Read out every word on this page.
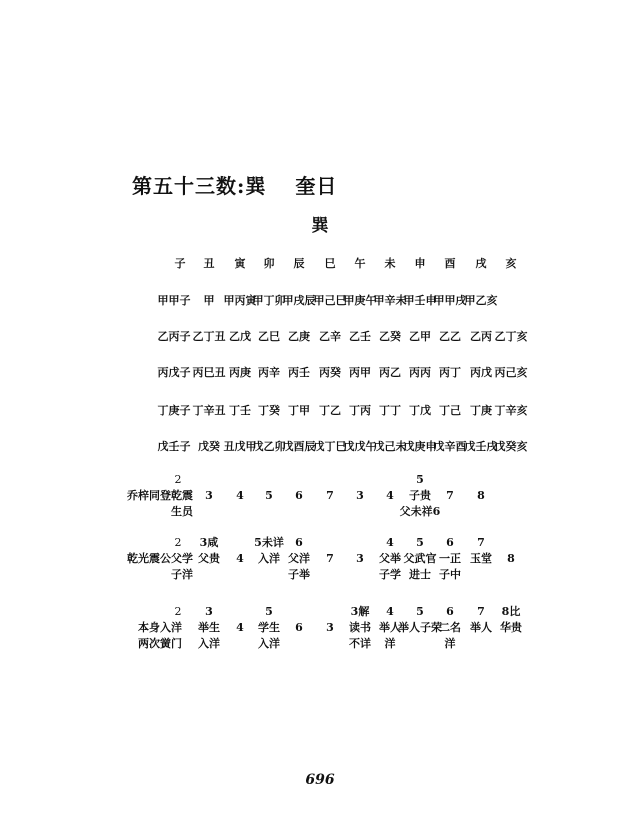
第五十三数:巽 　奎日
巽
子 丑 寅 卯 辰 巳 午 未 申 酉 戌 亥
甲甲子 甲 甲丙寅
甲丁卯
甲戌辰
甲己巳
甲庚午
甲辛未
甲壬申
甲甲戌
甲乙亥
乙丙子 乙丁丑 乙戊 乙巳 乙庚 乙辛 乙壬 乙癸 乙甲 乙乙 乙丙 乙丁亥
丙戊子 丙巳丑 丙庚 丙辛 丙壬 丙癸 丙甲 丙乙 丙丙 丙丁 丙戊 丙己亥
丁庚子 丁辛丑 丁壬 丁癸 丁甲 丁乙 丁丙 丁丁 丁戊 丁己 丁庚 丁辛亥
戊壬子 戊癸 丑戊甲
戊乙卯
戊酉辰
戊丁巳
戊戊午
戊己未
戊庚申
戊辛酉
戊壬戌
戊癸亥
乔梓同登乾震
生员
2
3 4 5 6 7 3 4
5
子贵
父未祥6
7 8
乾光震公父学
子洋
2 3咸
父贵 4
5未详
入洋
6
父洋
子举
7 3
4
父举
子学
5
父武官
进士
6
一正
子中
7
玉堂 8
本身入洋
两次黉门
2	3
举生
入洋
4
5
学生
入洋
6 3
3解
读书
不详
4
举人
洋
5
举人子荣
6
二名
洋
7
举人
8比
华贵
696
